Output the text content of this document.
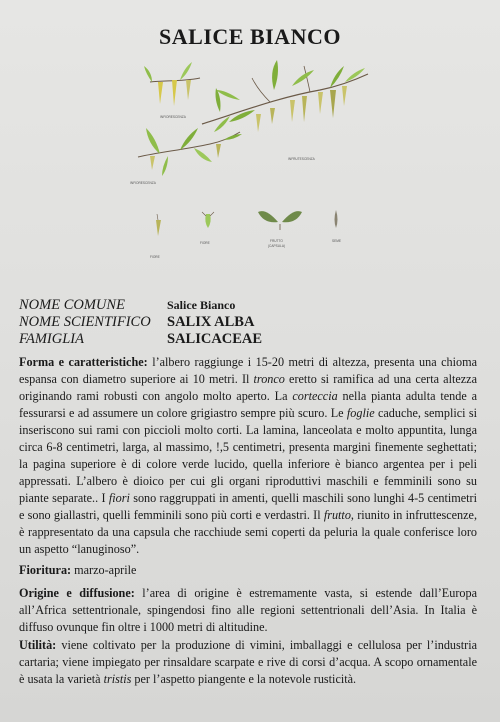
SALICE BIANCO
INFIORESCENZA
INFRUTESCENZA
INFIORESCENZA
FIORE
FIORE	FRUTTO
(CAPSULA)
SEME
NOME COMUNE	Salice Bianco
NOME SCIENTIFICO	SALIX ALBA
FAMIGLIA	SALICACEAE
Forma e caratteristiche: l’albero raggiunge i 15-20 metri di altezza, presenta una chioma espansa con diametro superiore ai 10 metri. Il tronco eretto si ramifica ad una certa altezza originando rami robusti con angolo molto aperto. La corteccia nella pianta adulta tende a fessurarsi e ad assumere un colore grigiastro sempre più scuro. Le foglie caduche, semplici si inseriscono sui rami con piccioli molto corti. La lamina, lanceolata e molto appuntita, lunga circa 6-8 centimetri, larga, al massimo, !,5 centimetri, presenta margini finemente seghettati; la pagina superiore è di colore verde lucido, quella inferiore è bianco argentea per i peli appressati. L’albero è dioico per cui gli organi riproduttivi maschili e femminili sono su piante separate.. I fiori sono raggruppati in amenti, quelli maschili sono lunghi 4-5 centimetri e sono giallastri, quelli femminili sono più corti e verdastri. Il frutto, riunito in infruttescenze, è rappresentato da una capsula che racchiude semi coperti da peluria la quale conferisce loro un aspetto “lanuginoso”.
Fioritura: marzo-aprile
Origine e diffusione: l’area di origine è estremamente vasta, si estende dall’Europa all’Africa settentrionale, spingendosi fino alle regioni settentrionali dell’Asia. In Italia è diffuso ovunque fin oltre i 1000 metri di altitudine.
Utilità: viene coltivato per la produzione di vimini, imballaggi e cellulosa per l’industria cartaria; viene impiegato per rinsaldare scarpate e rive di corsi d’acqua. A scopo ornamentale è usata la varietà tristis per l’aspetto piangente e la notevole rusticità.
